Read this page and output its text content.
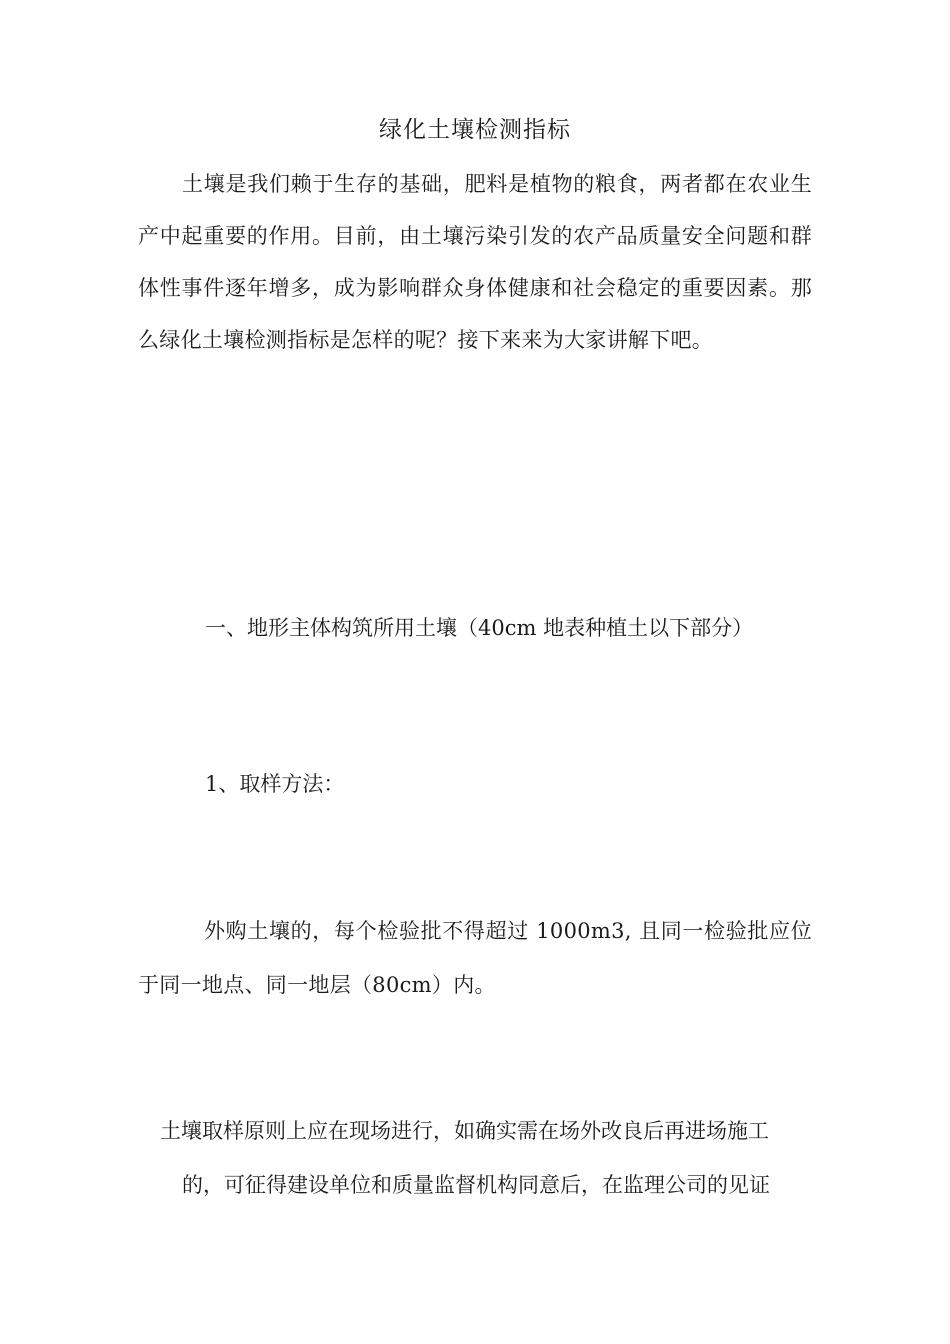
绿化土壤检测指标
土壤是我们赖于生存的基础，肥料是植物的粮食，两者都在农业生产中起重要的作用。目前，由土壤污染引发的农产品质量安全问题和群体性事件逐年增多，成为影响群众身体健康和社会稳定的重要因素。那么绿化土壤检测指标是怎样的呢？接下来来为大家讲解下吧。
一、地形主体构筑所用土壤（40cm 地表种植土以下部分）
1、取样方法：
外购土壤的，每个检验批不得超过 1000m3, 且同一检验批应位于同一地点、同一地层（80cm）内。
土壤取样原则上应在现场进行，如确实需在场外改良后再进场施工
的，可征得建设单位和质量监督机构同意后，在监理公司的见证
